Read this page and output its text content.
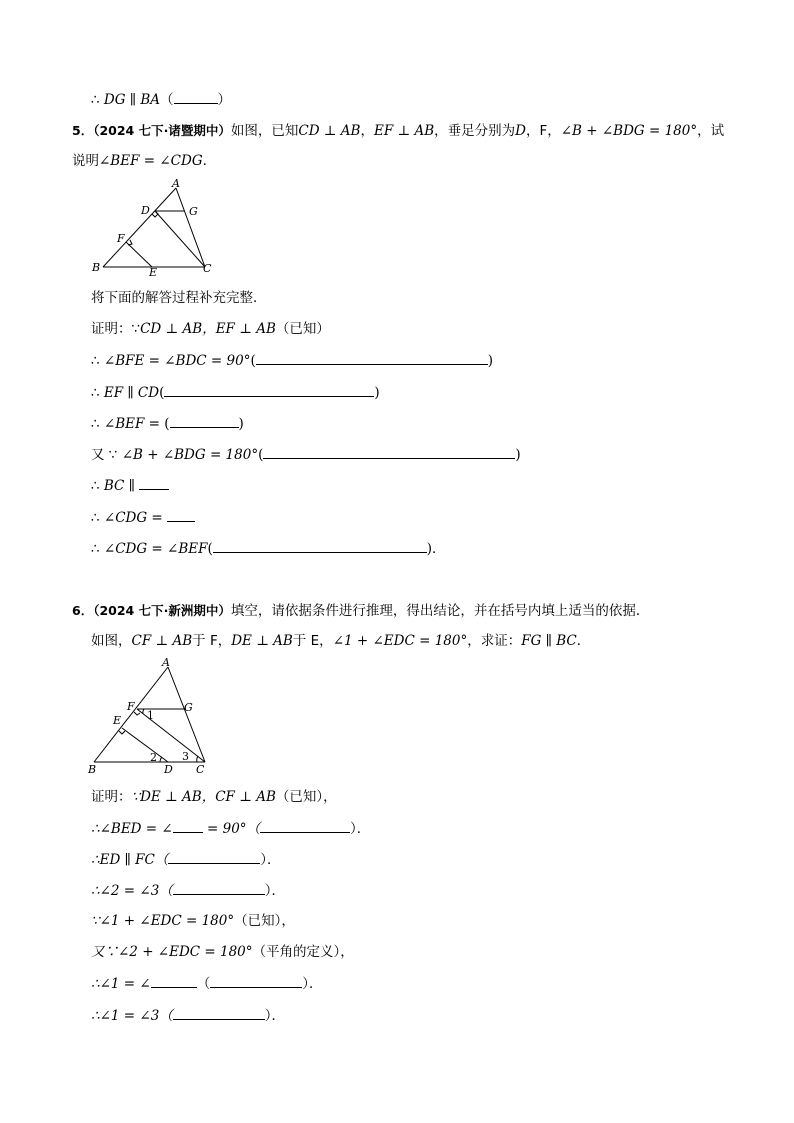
∴ DG ∥ BA（	）
5．（2024 七下·诸暨期中）如图，已知CD ⊥ AB，EF ⊥ AB，垂足分别为D，F，∠B + ∠BDG = 180°，试
说明∠BEF = ∠CDG．
A
D	G
F
B	E	C
将下面的解答过程补充完整．
证明：∵CD ⊥ AB，EF ⊥ AB（已知）
∴ ∠BFE = ∠BDC = 90°(	)
∴ EF ∥ CD(	)
∴ ∠BEF = (	)
又 ∵ ∠B + ∠BDG = 180°(	)
∴ BC ∥
∴ ∠CDG =
∴ ∠CDG = ∠BEF(	)．
6．（2024 七下·新洲期中）填空，请依据条件进行推理，得出结论，并在括号内填上适当的依据．
如图，CF ⊥ AB于 F，DE ⊥ AB于 E，∠1 + ∠EDC = 180°，求证：FG ∥ BC．
A
F	G
E 1
2 3
B	D C
证明：∵DE ⊥ AB，CF ⊥ AB（已知），
∴∠BED = ∠ = 90°（	）．
∴ED ∥ FC（	）．
∴∠2 = ∠3（	）．
∵∠1 + ∠EDC = 180°（已知），
又∵∠2 + ∠EDC = 180°（平角的定义），
∴∠1 = ∠	（	）．
∴∠1 = ∠3（	）．
